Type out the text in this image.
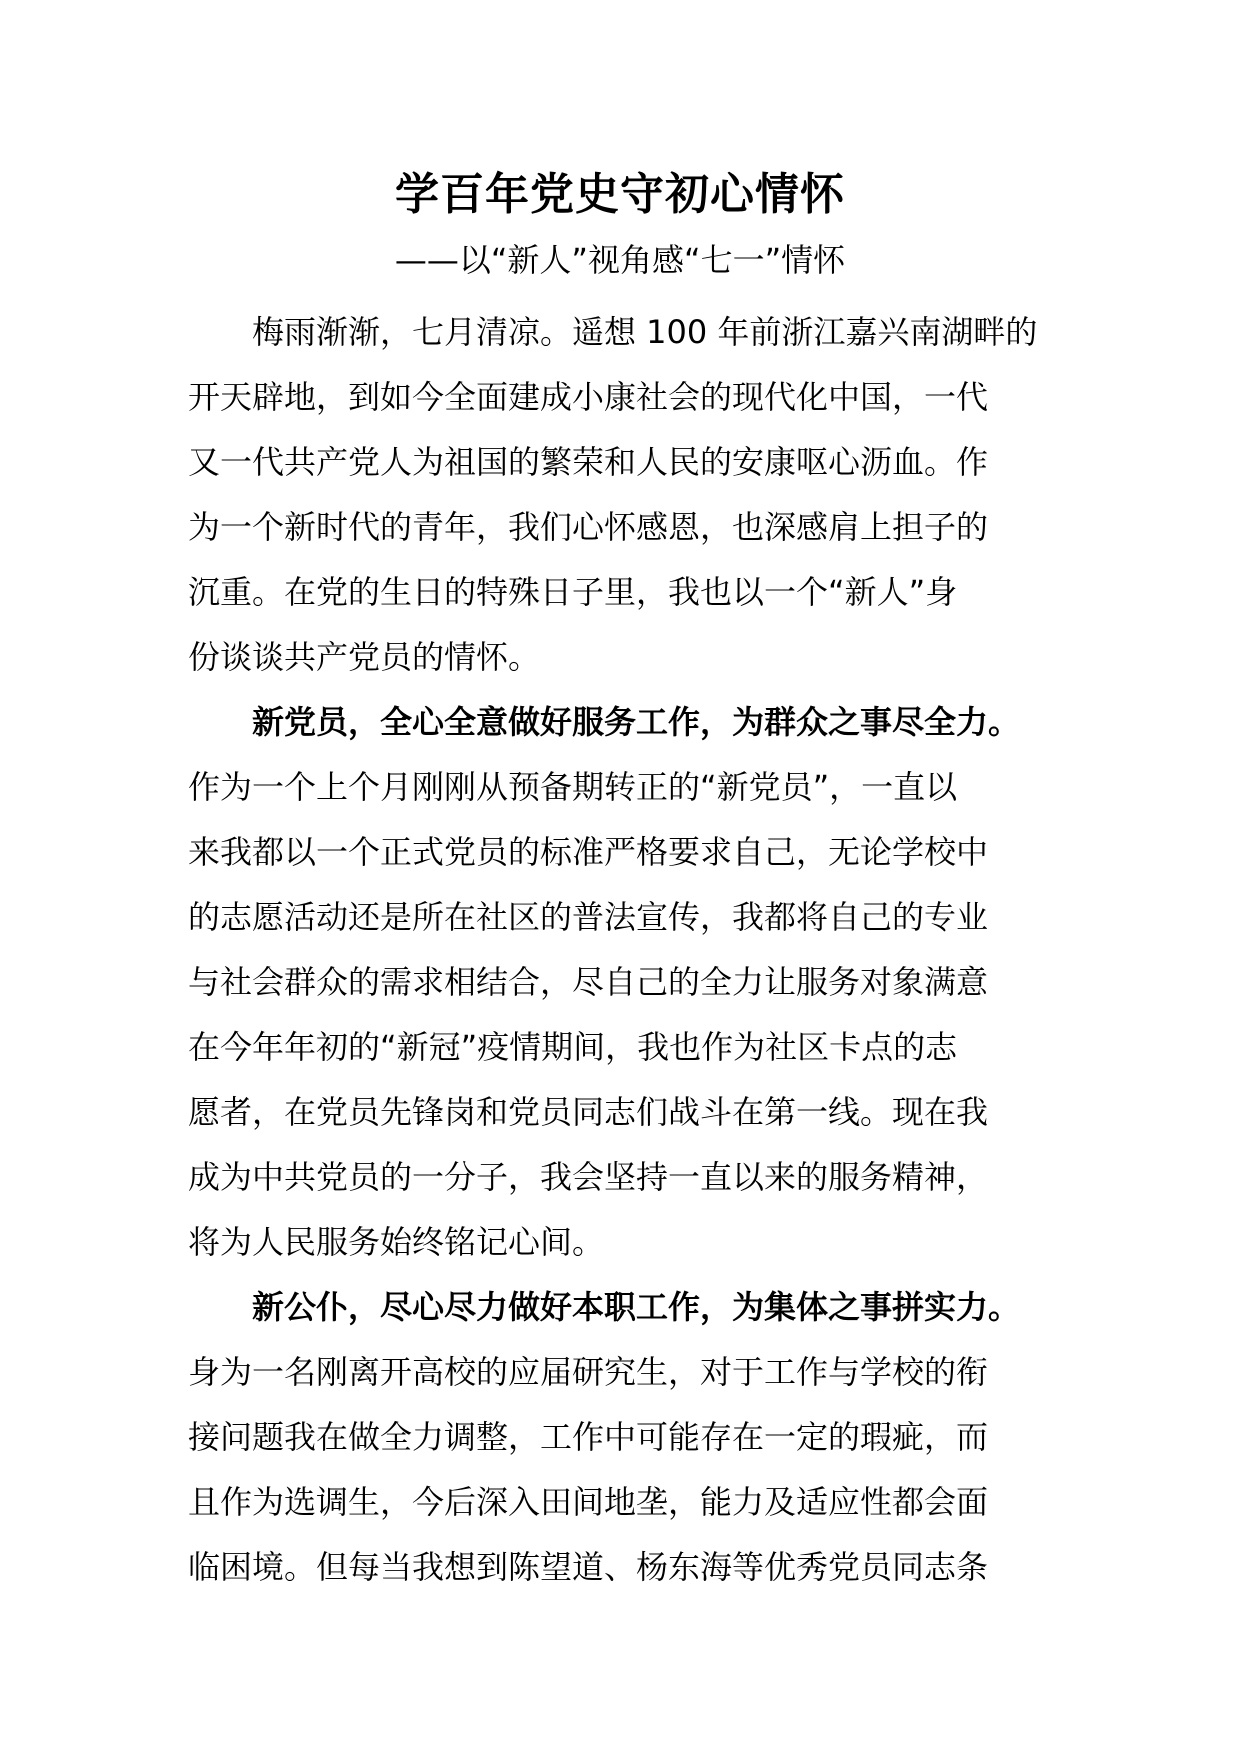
学百年党史守初心情怀
——以“新人”视角感“七一”情怀
梅雨渐渐，七月清凉。遥想 100 年前浙江嘉兴南湖畔的
开天辟地，到如今全面建成小康社会的现代化中国，一代
又一代共产党人为祖国的繁荣和人民的安康呕心沥血。作
为一个新时代的青年，我们心怀感恩，也深感肩上担子的
沉重。在党的生日的特殊日子里，我也以一个“新人”身
份谈谈共产党员的情怀。
新党员，全心全意做好服务工作，为群众之事尽全力。
作为一个上个月刚刚从预备期转正的“新党员”，一直以
来我都以一个正式党员的标准严格要求自己，无论学校中
的志愿活动还是所在社区的普法宣传，我都将自己的专业
与社会群众的需求相结合，尽自己的全力让服务对象满意
在今年年初的“新冠”疫情期间，我也作为社区卡点的志
愿者，在党员先锋岗和党员同志们战斗在第一线。现在我
成为中共党员的一分子，我会坚持一直以来的服务精神，
将为人民服务始终铭记心间。
新公仆，尽心尽力做好本职工作，为集体之事拼实力。
身为一名刚离开高校的应届研究生，对于工作与学校的衔
接问题我在做全力调整，工作中可能存在一定的瑕疵，而
且作为选调生，今后深入田间地垄，能力及适应性都会面
临困境。但每当我想到陈望道、杨东海等优秀党员同志条
